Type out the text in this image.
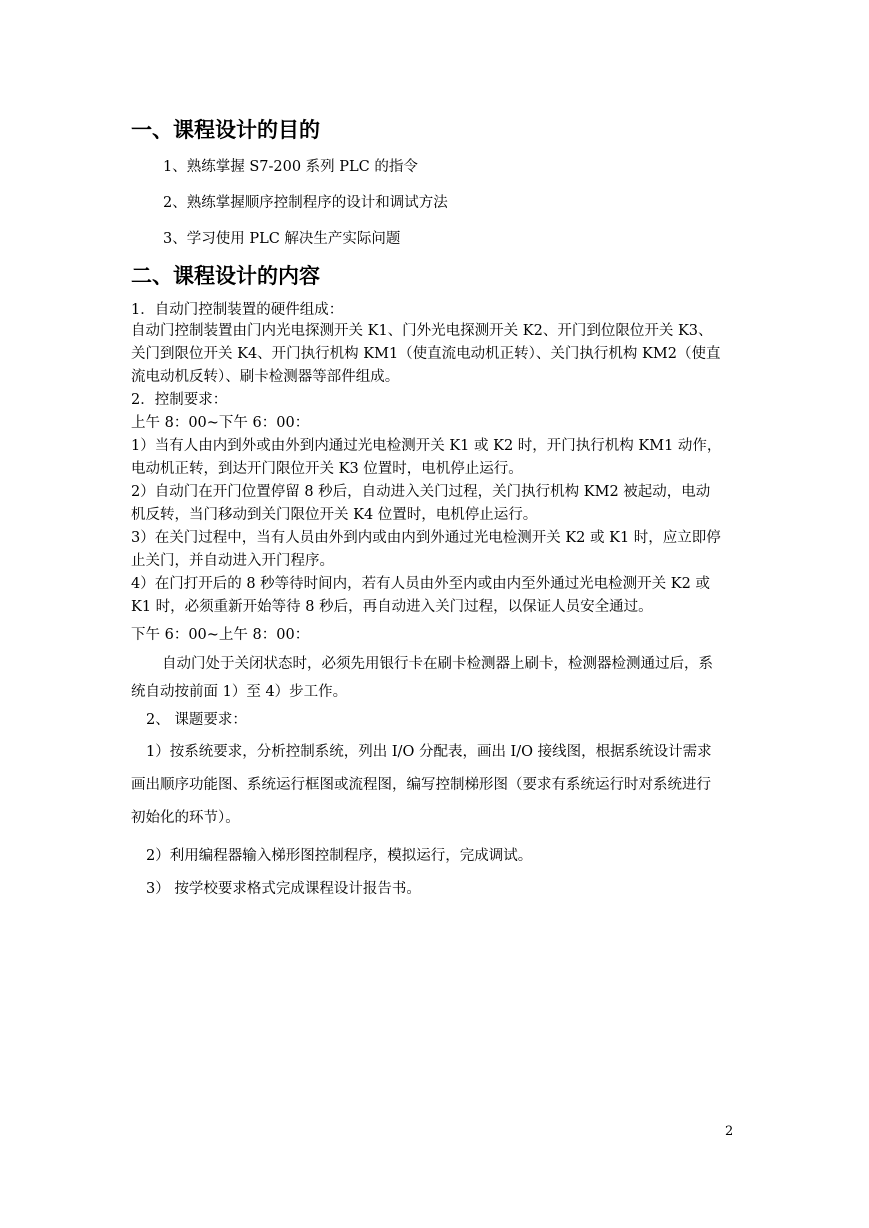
一、课程设计的目的
1、熟练掌握 S7-200 系列 PLC 的指令
2、熟练掌握顺序控制程序的设计和调试方法
3、学习使用 PLC 解决生产实际问题
二、课程设计的内容
1．自动门控制装置的硬件组成：
自动门控制装置由门内光电探测开关 K1、门外光电探测开关 K2、开门到位限位开关 K3、
关门到限位开关 K4、开门执行机构 KM1（使直流电动机正转）、关门执行机构 KM2（使直
流电动机反转）、刷卡检测器等部件组成。
2．控制要求：
上午 8：00~下午 6：00：
1）当有人由内到外或由外到内通过光电检测开关 K1 或 K2 时，开门执行机构 KM1 动作，
电动机正转，到达开门限位开关 K3 位置时，电机停止运行。
2）自动门在开门位置停留 8 秒后，自动进入关门过程，关门执行机构 KM2 被起动，电动
机反转，当门移动到关门限位开关 K4 位置时，电机停止运行。
3）在关门过程中，当有人员由外到内或由内到外通过光电检测开关 K2 或 K1 时，应立即停
止关门，并自动进入开门程序。
4）在门打开后的 8 秒等待时间内，若有人员由外至内或由内至外通过光电检测开关 K2 或
K1 时，必须重新开始等待 8 秒后，再自动进入关门过程，以保证人员安全通过。
下午 6：00~上午 8：00：
自动门处于关闭状态时，必须先用银行卡在刷卡检测器上刷卡，检测器检测通过后，系
统自动按前面 1）至 4）步工作。
2、 课题要求：
1）按系统要求，分析控制系统，列出 I/O 分配表，画出 I/O 接线图，根据系统设计需求
画出顺序功能图、系统运行框图或流程图，编写控制梯形图（要求有系统运行时对系统进行
初始化的环节）。
2）利用编程器输入梯形图控制程序，模拟运行，完成调试。
3） 按学校要求格式完成课程设计报告书。
2
